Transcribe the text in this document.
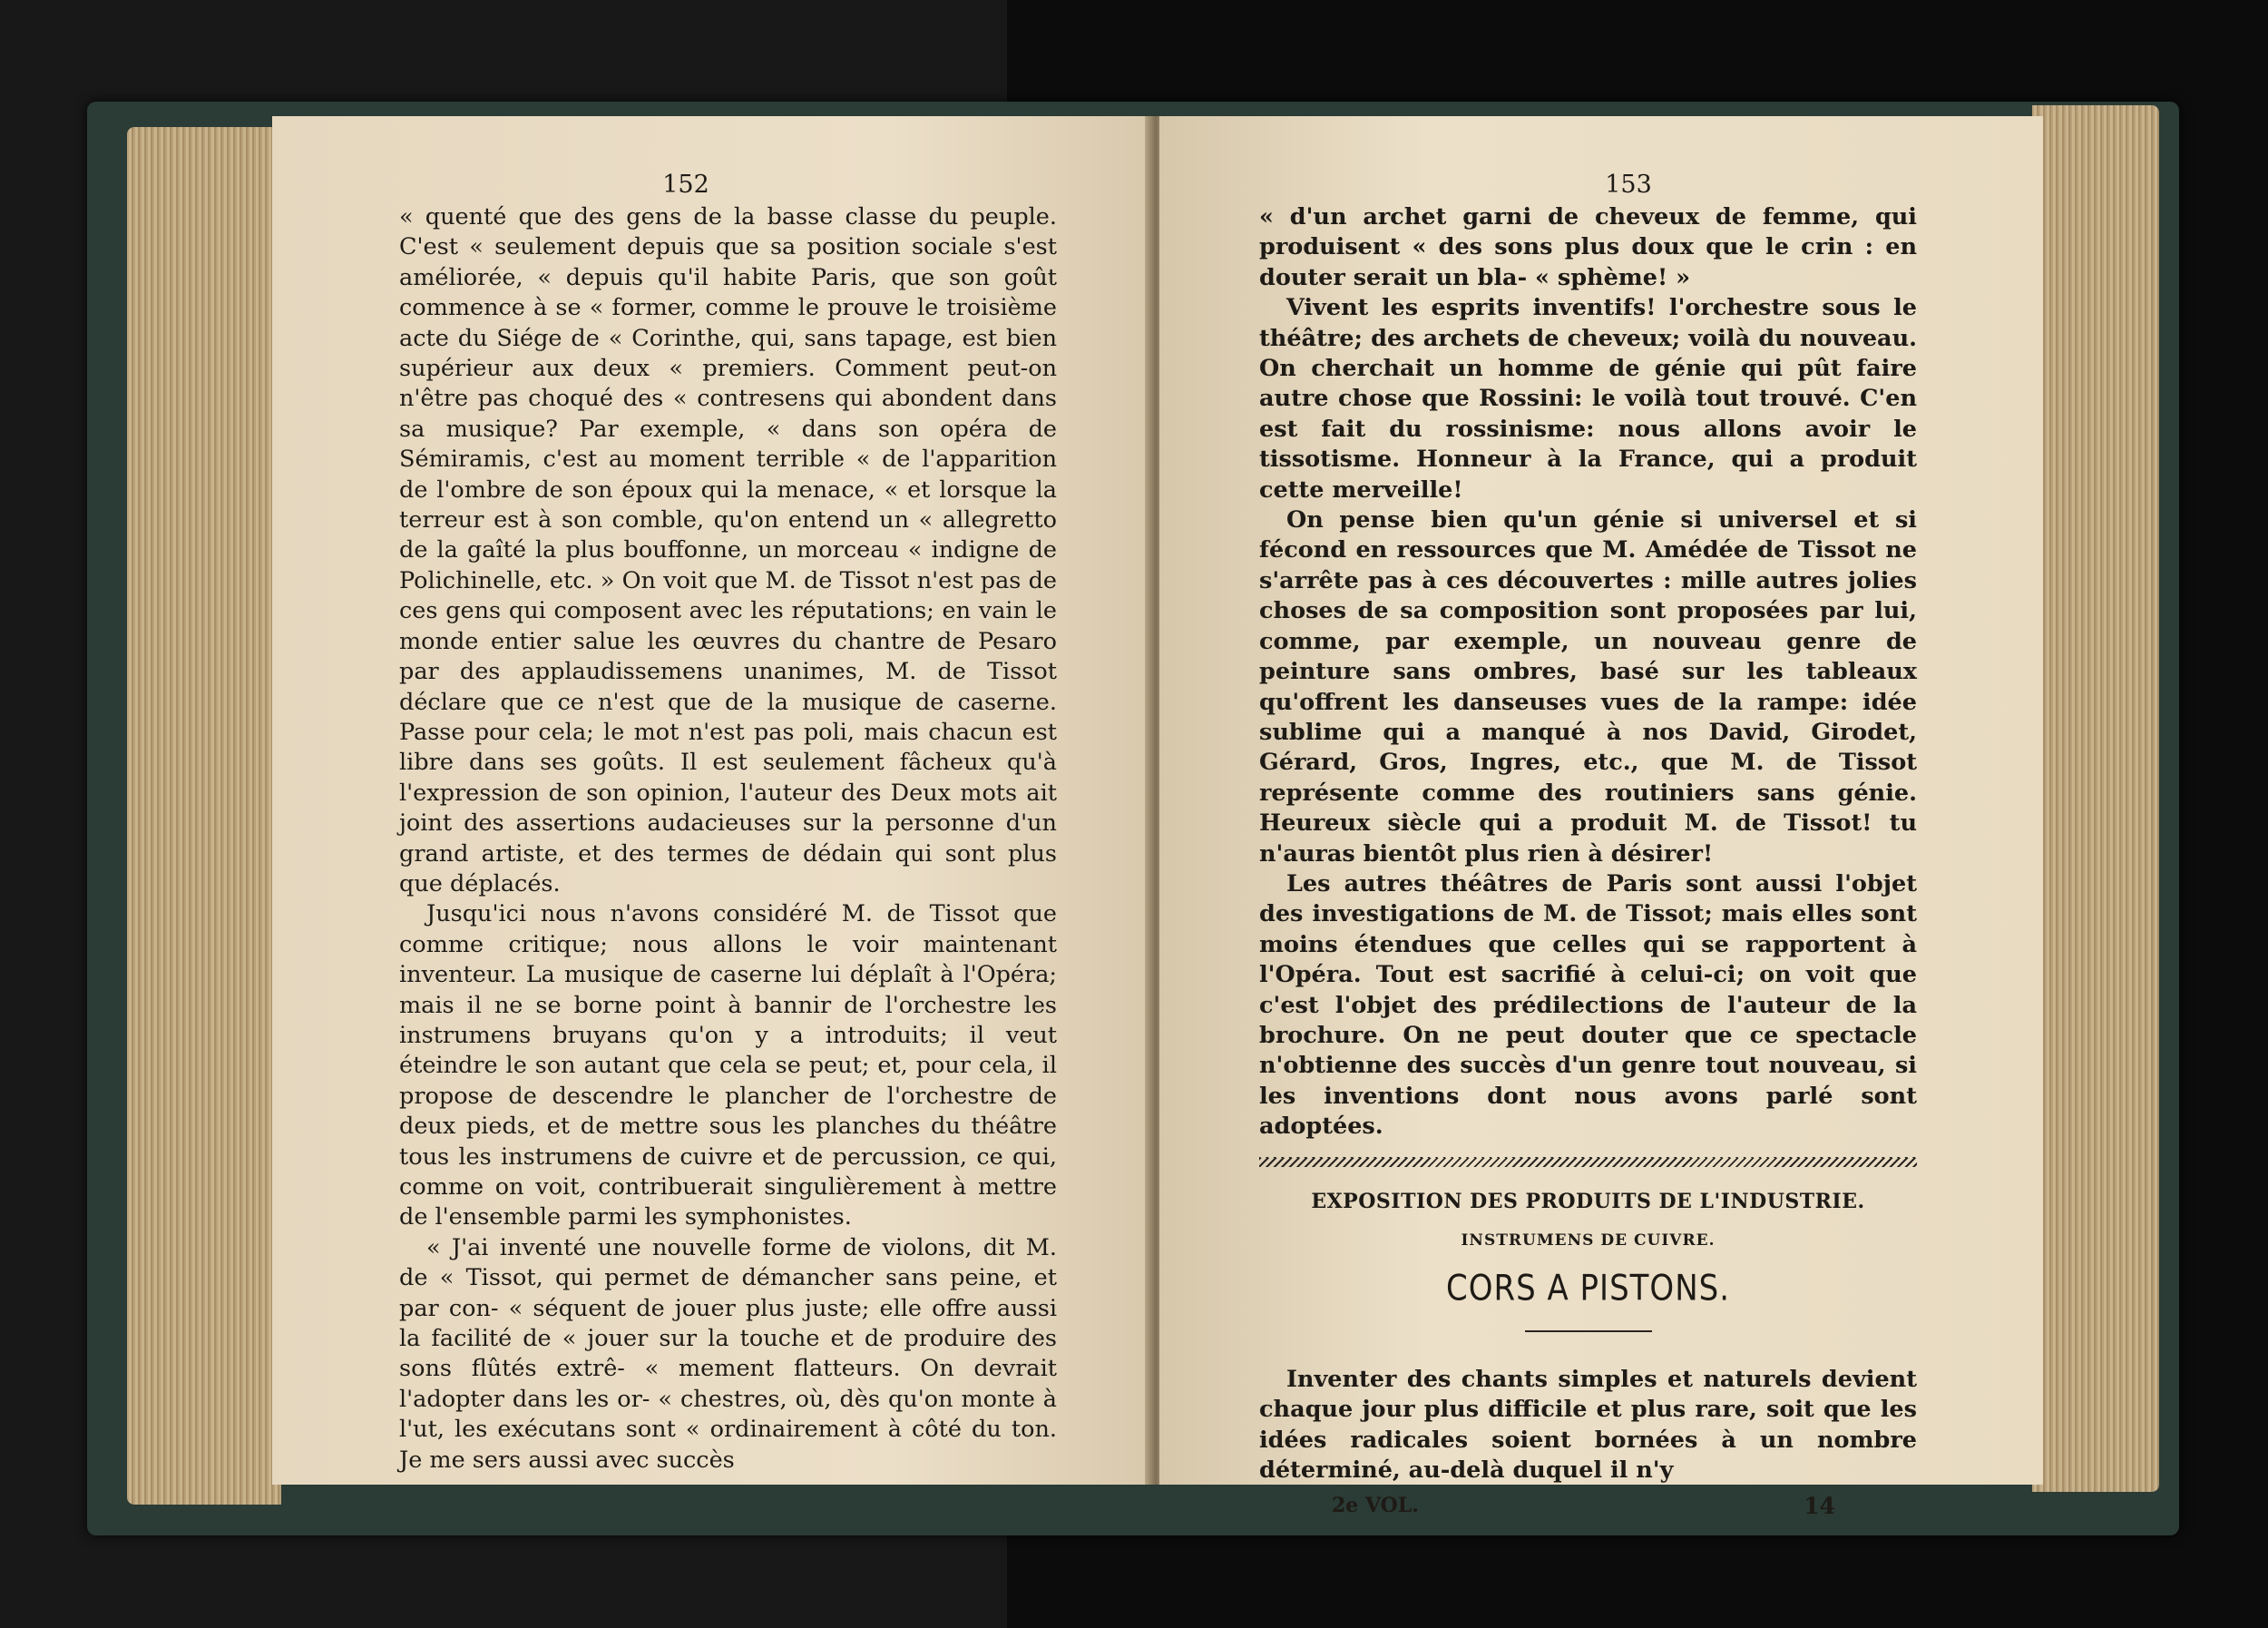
152

« quenté que des gens de la basse classe du peuple. C'est « seulement depuis que sa position sociale s'est améliorée, « depuis qu'il habite Paris, que son goût commence à se « former, comme le prouve le troisième acte du Siége de « Corinthe, qui, sans tapage, est bien supérieur aux deux « premiers. Comment peut-on n'être pas choqué des « contresens qui abondent dans sa musique? Par exemple, « dans son opéra de Sémiramis, c'est au moment terrible « de l'apparition de l'ombre de son époux qui la menace, « et lorsque la terreur est à son comble, qu'on entend un « allegretto de la gaîté la plus bouffonne, un morceau « indigne de Polichinelle, etc. » On voit que M. de Tissot n'est pas de ces gens qui composent avec les réputations; en vain le monde entier salue les œuvres du chantre de Pesaro par des applaudissemens unanimes, M. de Tissot déclare que ce n'est que de la musique de caserne. Passe pour cela; le mot n'est pas poli, mais chacun est libre dans ses goûts. Il est seulement fâcheux qu'à l'expression de son opinion, l'auteur des Deux mots ait joint des assertions audacieuses sur la personne d'un grand artiste, et des termes de dédain qui sont plus que déplacés.

Jusqu'ici nous n'avons considéré M. de Tissot que comme critique; nous allons le voir maintenant inventeur. La musique de caserne lui déplaît à l'Opéra; mais il ne se borne point à bannir de l'orchestre les instrumens bruyans qu'on y a introduits; il veut éteindre le son autant que cela se peut; et, pour cela, il propose de descendre le plancher de l'orchestre de deux pieds, et de mettre sous les planches du théâtre tous les instrumens de cuivre et de percussion, ce qui, comme on voit, contribuerait singulièrement à mettre de l'ensemble parmi les symphonistes.

« J'ai inventé une nouvelle forme de violons, dit M. de « Tissot, qui permet de démancher sans peine, et par con- « séquent de jouer plus juste; elle offre aussi la facilité de « jouer sur la touche et de produire des sons flûtés extrê- « mement flatteurs. On devrait l'adopter dans les or- « chestres, où, dès qu'on monte à l'ut, les exécutans sont « ordinairement à côté du ton. Je me sers aussi avec succès

153

« d'un archet garni de cheveux de femme, qui produisent « des sons plus doux que le crin : en douter serait un bla- « sphème! »

Vivent les esprits inventifs! l'orchestre sous le théâtre; des archets de cheveux; voilà du nouveau. On cherchait un homme de génie qui pût faire autre chose que Rossini: le voilà tout trouvé. C'en est fait du rossinisme: nous allons avoir le tissotisme. Honneur à la France, qui a produit cette merveille!

On pense bien qu'un génie si universel et si fécond en ressources que M. Amédée de Tissot ne s'arrête pas à ces découvertes : mille autres jolies choses de sa composition sont proposées par lui, comme, par exemple, un nouveau genre de peinture sans ombres, basé sur les tableaux qu'offrent les danseuses vues de la rampe: idée sublime qui a manqué à nos David, Girodet, Gérard, Gros, Ingres, etc., que M. de Tissot représente comme des routiniers sans génie. Heureux siècle qui a produit M. de Tissot! tu n'auras bientôt plus rien à désirer!

Les autres théâtres de Paris sont aussi l'objet des investigations de M. de Tissot; mais elles sont moins étendues que celles qui se rapportent à l'Opéra. Tout est sacrifié à celui-ci; on voit que c'est l'objet des prédilections de l'auteur de la brochure. On ne peut douter que ce spectacle n'obtienne des succès d'un genre tout nouveau, si les inventions dont nous avons parlé sont adoptées.

EXPOSITION DES PRODUITS DE L'INDUSTRIE.
INSTRUMENS DE CUIVRE.
CORS A PISTONS.

Inventer des chants simples et naturels devient chaque jour plus difficile et plus rare, soit que les idées radicales soient bornées à un nombre déterminé, au-delà duquel il n'y

2e VOL.	14
